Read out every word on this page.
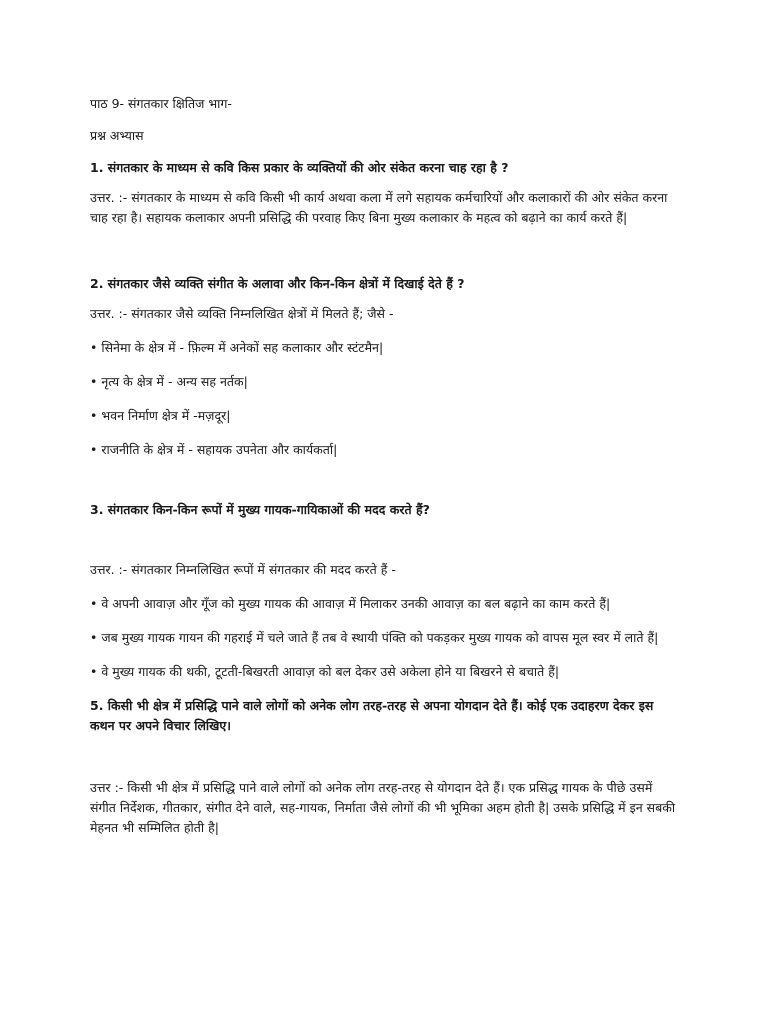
पाठ 9- संगतकार क्षितिज भाग-

प्रश्न अभ्यास

1. संगतकार के माध्यम से कवि किस प्रकार के व्यक्तियों की ओर संकेत करना चाह रहा है ?

उत्तर. :- संगतकार के माध्यम से कवि किसी भी कार्य अथवा कला में लगे सहायक कर्मचारियों और कलाकारों की ओर संकेत करना चाह रहा है। सहायक कलाकार अपनी प्रसिद्धि की परवाह किए बिना मुख्य कलाकार के महत्व को बढ़ाने का कार्य करते हैं|

2. संगतकार जैसे व्यक्ति संगीत के अलावा और किन-किन क्षेत्रों में दिखाई देते हैं ?

उत्तर. :- संगतकार जैसे व्यक्ति निम्नलिखित क्षेत्रों में मिलते हैं; जैसे -

• सिनेमा के क्षेत्र में - फ़िल्म में अनेकों सह कलाकार और स्टंटमैन|

• नृत्य के क्षेत्र में - अन्य सह नर्तक|

• भवन निर्माण क्षेत्र में -मज़दूर|

• राजनीति के क्षेत्र में - सहायक उपनेता और कार्यकर्ता|

3. संगतकार किन-किन रूपों में मुख्य गायक-गायिकाओं की मदद करते हैं?

उत्तर. :- संगतकार निम्नलिखित रूपों में संगतकार की मदद करते हैं -

• वे अपनी आवाज़ और गूँज को मुख्य गायक की आवाज़ में मिलाकर उनकी आवाज़ का बल बढ़ाने का काम करते हैं|

• जब मुख्य गायक गायन की गहराई में चले जाते हैं तब वे स्थायी पंक्ति को पकड़कर मुख्य गायक को वापस मूल स्वर में लाते हैं|

• वे मुख्य गायक की थकी, टूटती-बिखरती आवाज़ को बल देकर उसे अकेला होने या बिखरने से बचाते हैं|

5. किसी भी क्षेत्र में प्रसिद्धि पाने वाले लोगों को अनेक लोग तरह-तरह से अपना योगदान देते हैं। कोई एक उदाहरण देकर इस कथन पर अपने विचार लिखिए।

उत्तर :- किसी भी क्षेत्र में प्रसिद्धि पाने वाले लोगों को अनेक लोग तरह-तरह से योगदान देते हैं। एक प्रसिद्ध गायक के पीछे उसमें संगीत निर्देशक, गीतकार, संगीत देने वाले, सह-गायक, निर्माता जैसे लोगों की भी भूमिका अहम होती है| उसके प्रसिद्धि में इन सबकी मेहनत भी सम्मिलित होती है|
